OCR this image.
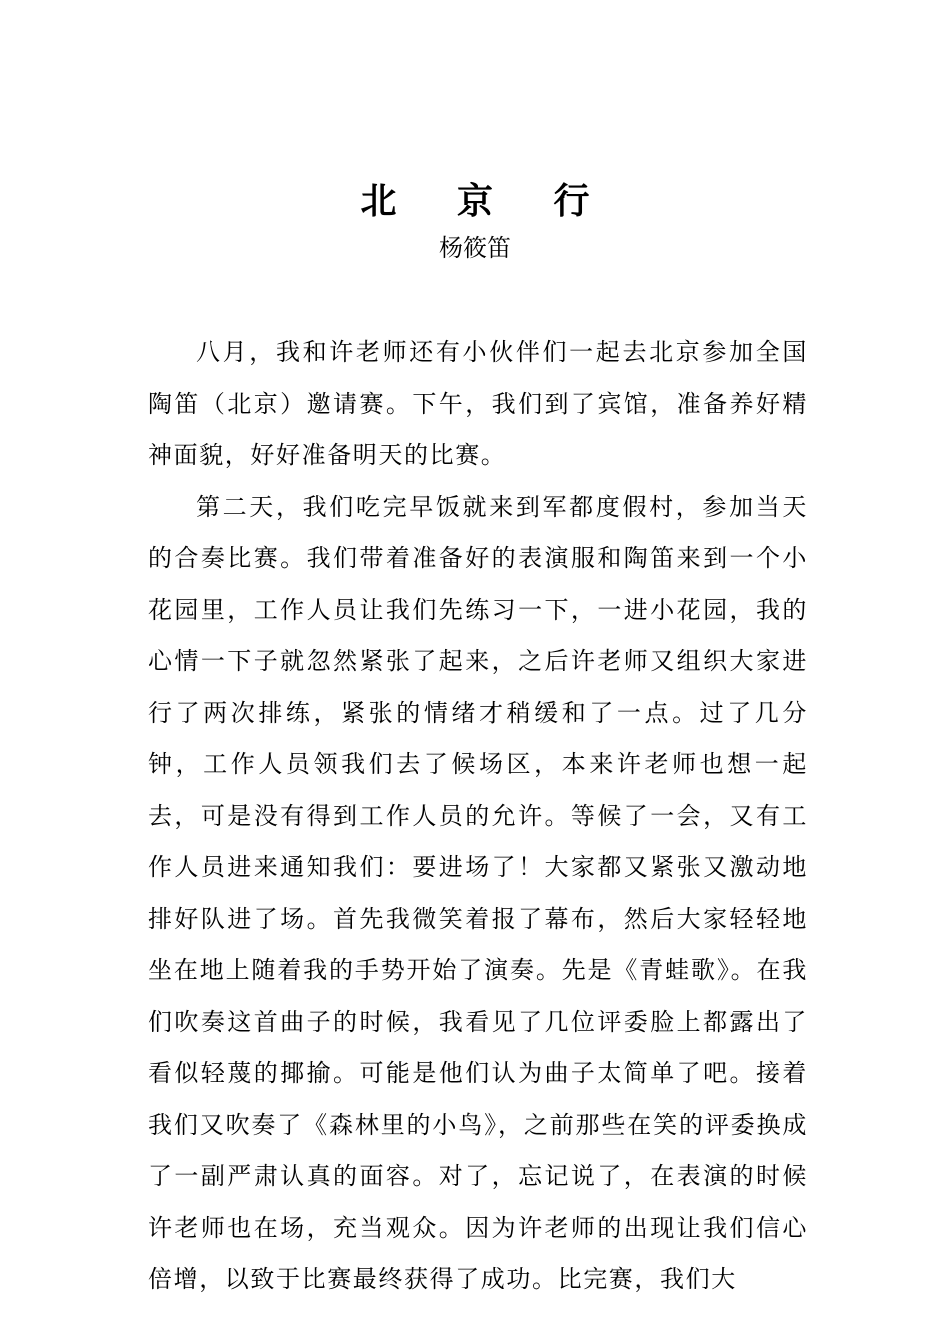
北 京 行
杨筱笛

八月，我和许老师还有小伙伴们一起去北京参加全国陶笛（北京）邀请赛。下午，我们到了宾馆，准备养好精神面貌，好好准备明天的比赛。

第二天，我们吃完早饭就来到军都度假村，参加当天的合奏比赛。我们带着准备好的表演服和陶笛来到一个小花园里，工作人员让我们先练习一下，一进小花园，我的心情一下子就忽然紧张了起来，之后许老师又组织大家进行了两次排练，紧张的情绪才稍缓和了一点。过了几分钟，工作人员领我们去了候场区，本来许老师也想一起去，可是没有得到工作人员的允许。等候了一会，又有工作人员进来通知我们：要进场了！大家都又紧张又激动地排好队进了场。首先我微笑着报了幕布，然后大家轻轻地坐在地上随着我的手势开始了演奏。先是《青蛙歌》。在我们吹奏这首曲子的时候，我看见了几位评委脸上都露出了看似轻蔑的揶揄。可能是他们认为曲子太简单了吧。接着我们又吹奏了《森林里的小鸟》，之前那些在笑的评委换成了一副严肃认真的面容。对了，忘记说了，在表演的时候许老师也在场，充当观众。因为许老师的出现让我们信心倍增，以致于比赛最终获得了成功。比完赛，我们大
